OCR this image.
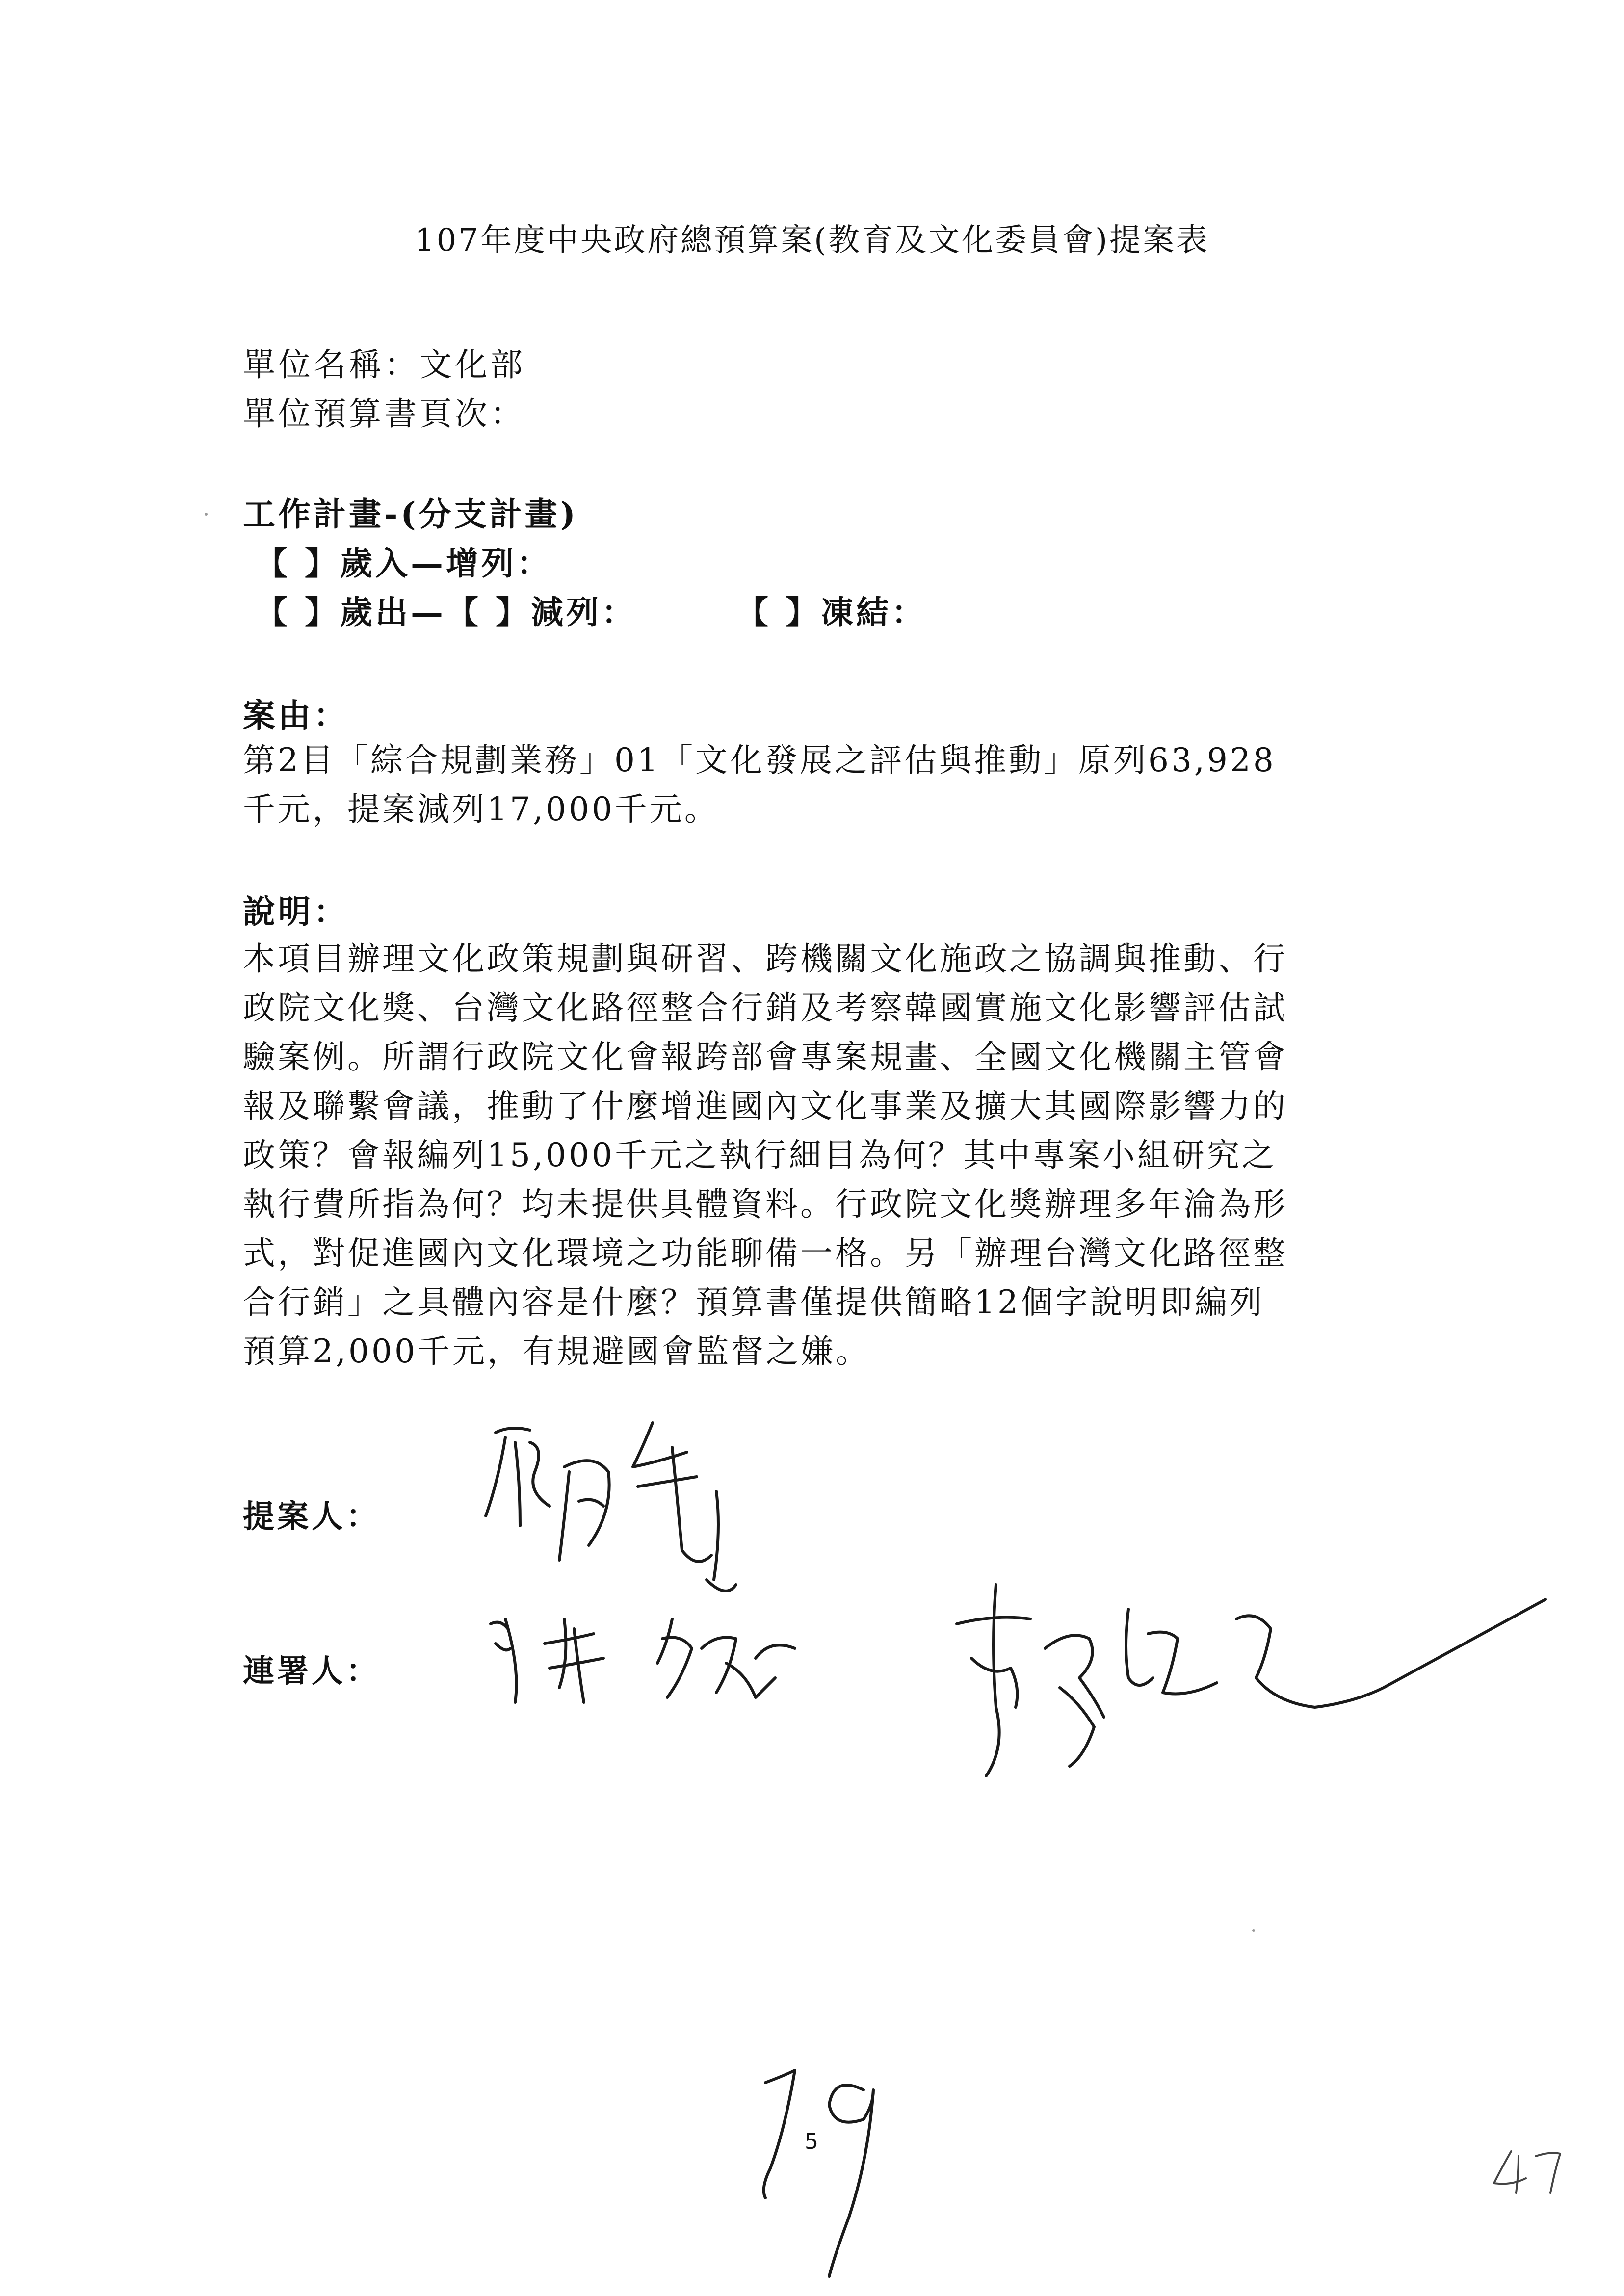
107年度中央政府總預算案(教育及文化委員會)提案表
單位名稱：文化部
單位預算書頁次：
工作計畫-(分支計畫)
【 】歲入—增列：
【 】歲出—【 】減列：	【 】凍結：
案由：

第2目「綜合規劃業務」01「文化發展之評估與推動」原列63,928

千元，提案減列17,000千元。

說明：

本項目辦理文化政策規劃與研習、跨機關文化施政之協調與推動、行

政院文化獎、台灣文化路徑整合行銷及考察韓國實施文化影響評估試

驗案例。所謂行政院文化會報跨部會專案規畫、全國文化機關主管會

報及聯繫會議，推動了什麼增進國內文化事業及擴大其國際影響力的

政策？會報編列15,000千元之執行細目為何？其中專案小組研究之

執行費所指為何？均未提供具體資料。行政院文化獎辦理多年淪為形

式，對促進國內文化環境之功能聊備一格。另「辦理台灣文化路徑整

合行銷」之具體內容是什麼？預算書僅提供簡略12個字說明即編列

預算2,000千元，有規避國會監督之嫌。

提案人：
連署人：
5
